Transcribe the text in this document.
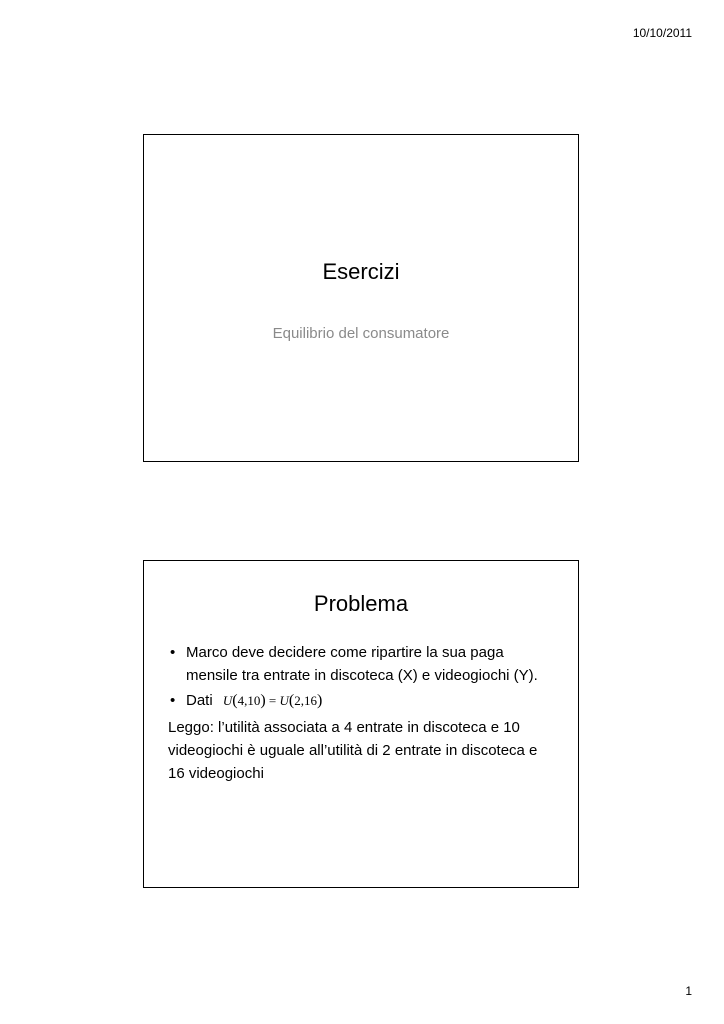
10/10/2011
Esercizi
Equilibrio del consumatore
Problema
• Marco deve decidere come ripartire la sua paga mensile tra entrate in discoteca (X) e videogiochi (Y).
• Dati U(4,10) = U(2,16)
Leggo: l’utilità associata a 4 entrate in discoteca e 10 videogiochi è uguale all’utilità di 2 entrate in discoteca e 16 videogiochi
1
